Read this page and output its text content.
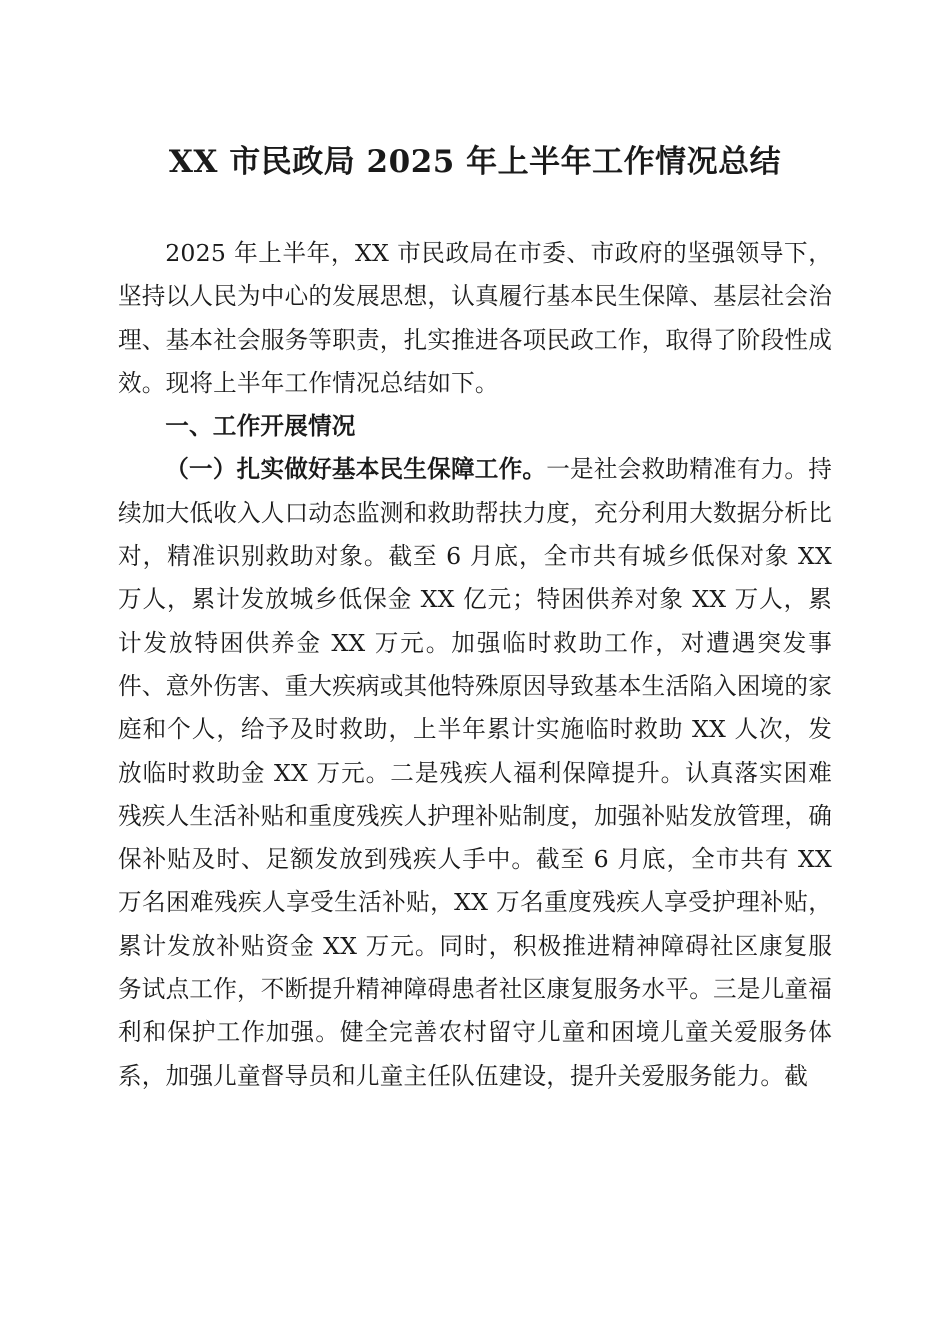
XX 市民政局 2025 年上半年工作情况总结

2025 年上半年，XX 市民政局在市委、市政府的坚强领导下，坚持以人民为中心的发展思想，认真履行基本民生保障、基层社会治理、基本社会服务等职责，扎实推进各项民政工作，取得了阶段性成效。现将上半年工作情况总结如下。

一、工作开展情况

（一）扎实做好基本民生保障工作。一是社会救助精准有力。持续加大低收入人口动态监测和救助帮扶力度，充分利用大数据分析比对，精准识别救助对象。截至 6 月底，全市共有城乡低保对象 XX 万人，累计发放城乡低保金 XX 亿元；特困供养对象 XX 万人，累计发放特困供养金 XX 万元。加强临时救助工作，对遭遇突发事件、意外伤害、重大疾病或其他特殊原因导致基本生活陷入困境的家庭和个人，给予及时救助，上半年累计实施临时救助 XX 人次，发放临时救助金 XX 万元。二是残疾人福利保障提升。认真落实困难残疾人生活补贴和重度残疾人护理补贴制度，加强补贴发放管理，确保补贴及时、足额发放到残疾人手中。截至 6 月底，全市共有 XX 万名困难残疾人享受生活补贴，XX 万名重度残疾人享受护理补贴，累计发放补贴资金 XX 万元。同时，积极推进精神障碍社区康复服务试点工作，不断提升精神障碍患者社区康复服务水平。三是儿童福利和保护工作加强。健全完善农村留守儿童和困境儿童关爱服务体系，加强儿童督导员和儿童主任队伍建设，提升关爱服务能力。截
